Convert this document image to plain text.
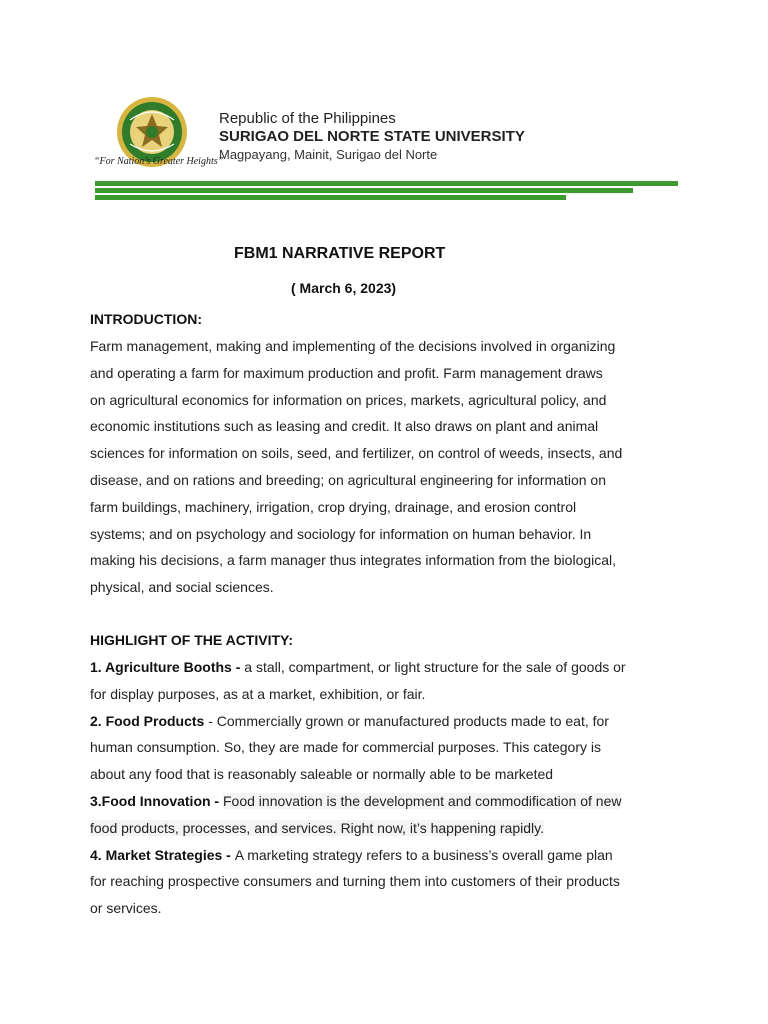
“For Nation’s Greater Heights”
Republic of the Philippines
SURIGAO DEL NORTE STATE UNIVERSITY
Magpayang, Mainit, Surigao del Norte
FBM1 NARRATIVE REPORT
( March 6, 2023)
INTRODUCTION:
Farm management, making and implementing of the decisions involved in organizing
and operating a farm for maximum production and profit. Farm management draws
on agricultural economics for information on prices, markets, agricultural policy, and
economic institutions such as leasing and credit. It also draws on plant and animal
sciences for information on soils, seed, and fertilizer, on control of weeds, insects, and
disease, and on rations and breeding; on agricultural engineering for information on
farm buildings, machinery, irrigation, crop drying, drainage, and erosion control
systems; and on psychology and sociology for information on human behavior. In
making his decisions, a farm manager thus integrates information from the biological,
physical, and social sciences.
HIGHLIGHT OF THE ACTIVITY:
1. Agriculture Booths - a stall, compartment, or light structure for the sale of goods or
for display purposes, as at a market, exhibition, or fair.
2. Food Products - Commercially grown or manufactured products made to eat, for
human consumption. So, they are made for commercial purposes. This category is
about any food that is reasonably saleable or normally able to be marketed
3.Food Innovation - Food innovation is the development and commodification of new
food products, processes, and services. Right now, it’s happening rapidly.
4. Market Strategies - A marketing strategy refers to a business’s overall game plan
for reaching prospective consumers and turning them into customers of their products
or services.
